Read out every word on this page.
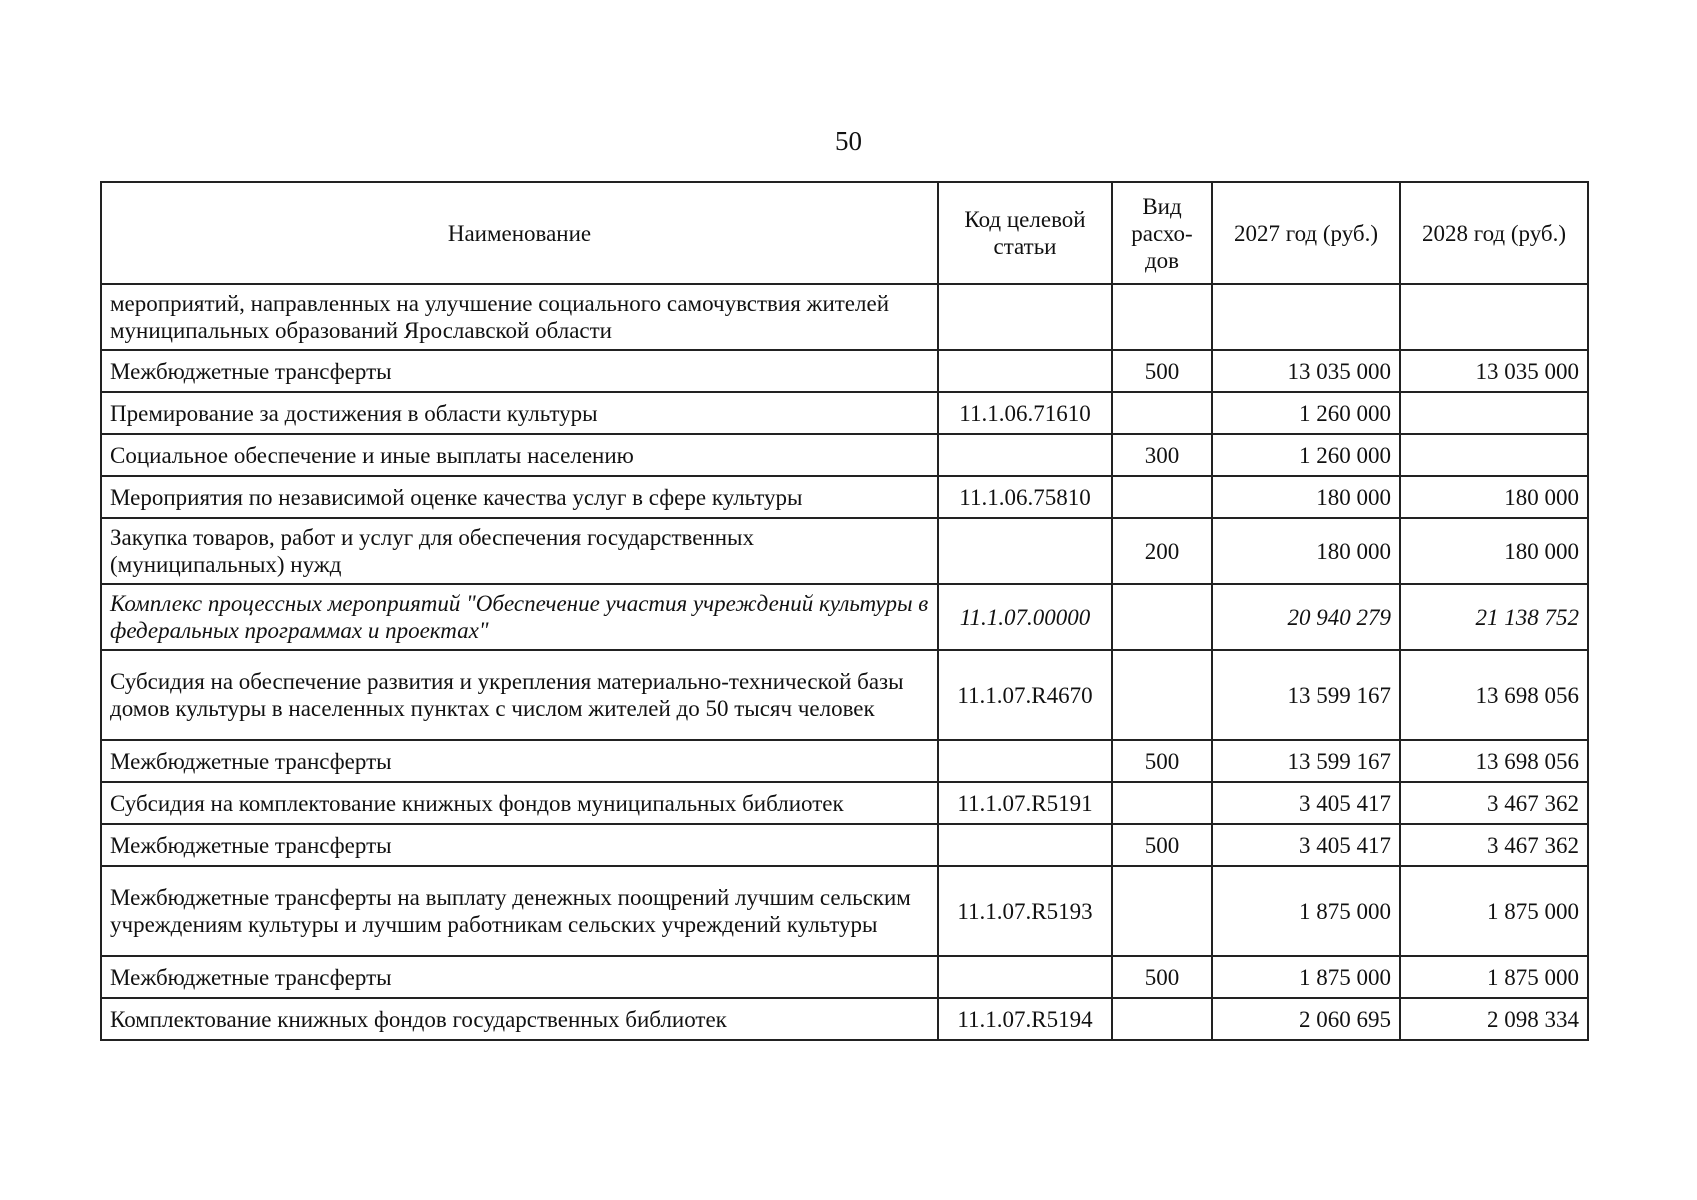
50
Наименование	Код целевой статьи	Вид расхо-дов	2027 год (руб.)	2028 год (руб.)
мероприятий, направленных на улучшение социального самочувствия жителей муниципальных образований Ярославской области				
Межбюджетные трансферты		500	13 035 000	13 035 000
Премирование за достижения в области культуры	11.1.06.71610		1 260 000	
Социальное обеспечение и иные выплаты населению		300	1 260 000	
Мероприятия по независимой оценке качества услуг в сфере культуры	11.1.06.75810		180 000	180 000
Закупка товаров, работ и услуг для обеспечения государственных (муниципальных) нужд		200	180 000	180 000
Комплекс процессных мероприятий "Обеспечение участия учреждений культуры в федеральных программах и проектах"	11.1.07.00000		20 940 279	21 138 752
Субсидия на обеспечение развития и укрепления материально-технической базы домов культуры в населенных пунктах с числом жителей до 50 тысяч человек	11.1.07.R4670		13 599 167	13 698 056
Межбюджетные трансферты		500	13 599 167	13 698 056
Субсидия на комплектование книжных фондов муниципальных библиотек	11.1.07.R5191		3 405 417	3 467 362
Межбюджетные трансферты		500	3 405 417	3 467 362
Межбюджетные трансферты на выплату денежных поощрений лучшим сельским учреждениям культуры и лучшим работникам сельских учреждений культуры	11.1.07.R5193		1 875 000	1 875 000
Межбюджетные трансферты		500	1 875 000	1 875 000
Комплектование книжных фондов государственных библиотек	11.1.07.R5194		2 060 695	2 098 334
